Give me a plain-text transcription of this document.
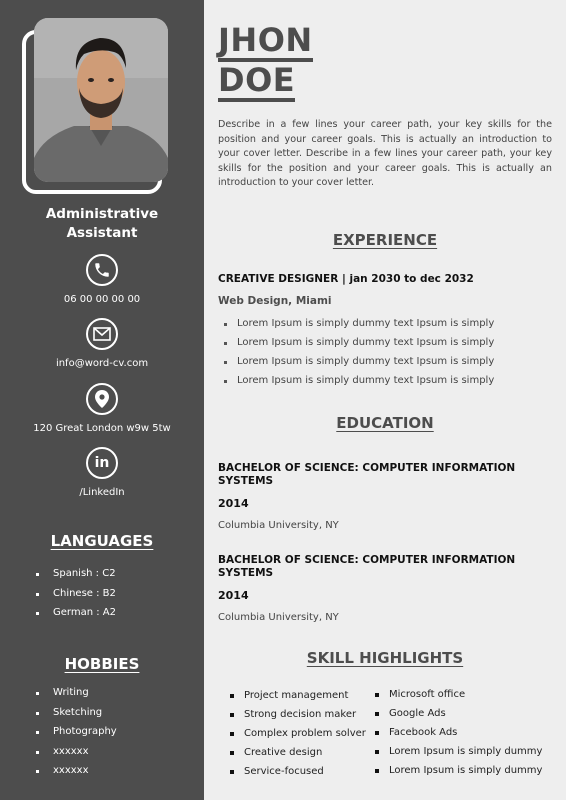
Administrative
Assistant
06 00 00 00 00
info@word-cv.com
120 Great London w9w 5tw
in
/LinkedIn
LANGUAGES
Spanish : C2
Chinese : B2
German : A2
HOBBIES
Writing
Sketching
Photography
xxxxxx
xxxxxx
JHON
DOE

Describe in a few lines your career path, your key skills for the position and your career goals. This is actually an introduction to your cover letter. Describe in a few lines your career path, your key skills for the position and your career goals. This is actually an introduction to your cover letter.

EXPERIENCE
CREATIVE DESIGNER | jan 2030 to dec 2032
Web Design, Miami
Lorem Ipsum is simply dummy text Ipsum is simply
Lorem Ipsum is simply dummy text Ipsum is simply
Lorem Ipsum is simply dummy text Ipsum is simply
Lorem Ipsum is simply dummy text Ipsum is simply
EDUCATION
BACHELOR OF SCIENCE: COMPUTER INFORMATION SYSTEMS
2014
Columbia University, NY
BACHELOR OF SCIENCE: COMPUTER INFORMATION SYSTEMS
2014
Columbia University, NY
SKILL HIGHLIGHTS
Project management
Strong decision maker
Complex problem solver
Creative design
Service-focused
Microsoft office
Google Ads
Facebook Ads
Lorem Ipsum is simply dummy
Lorem Ipsum is simply dummy
